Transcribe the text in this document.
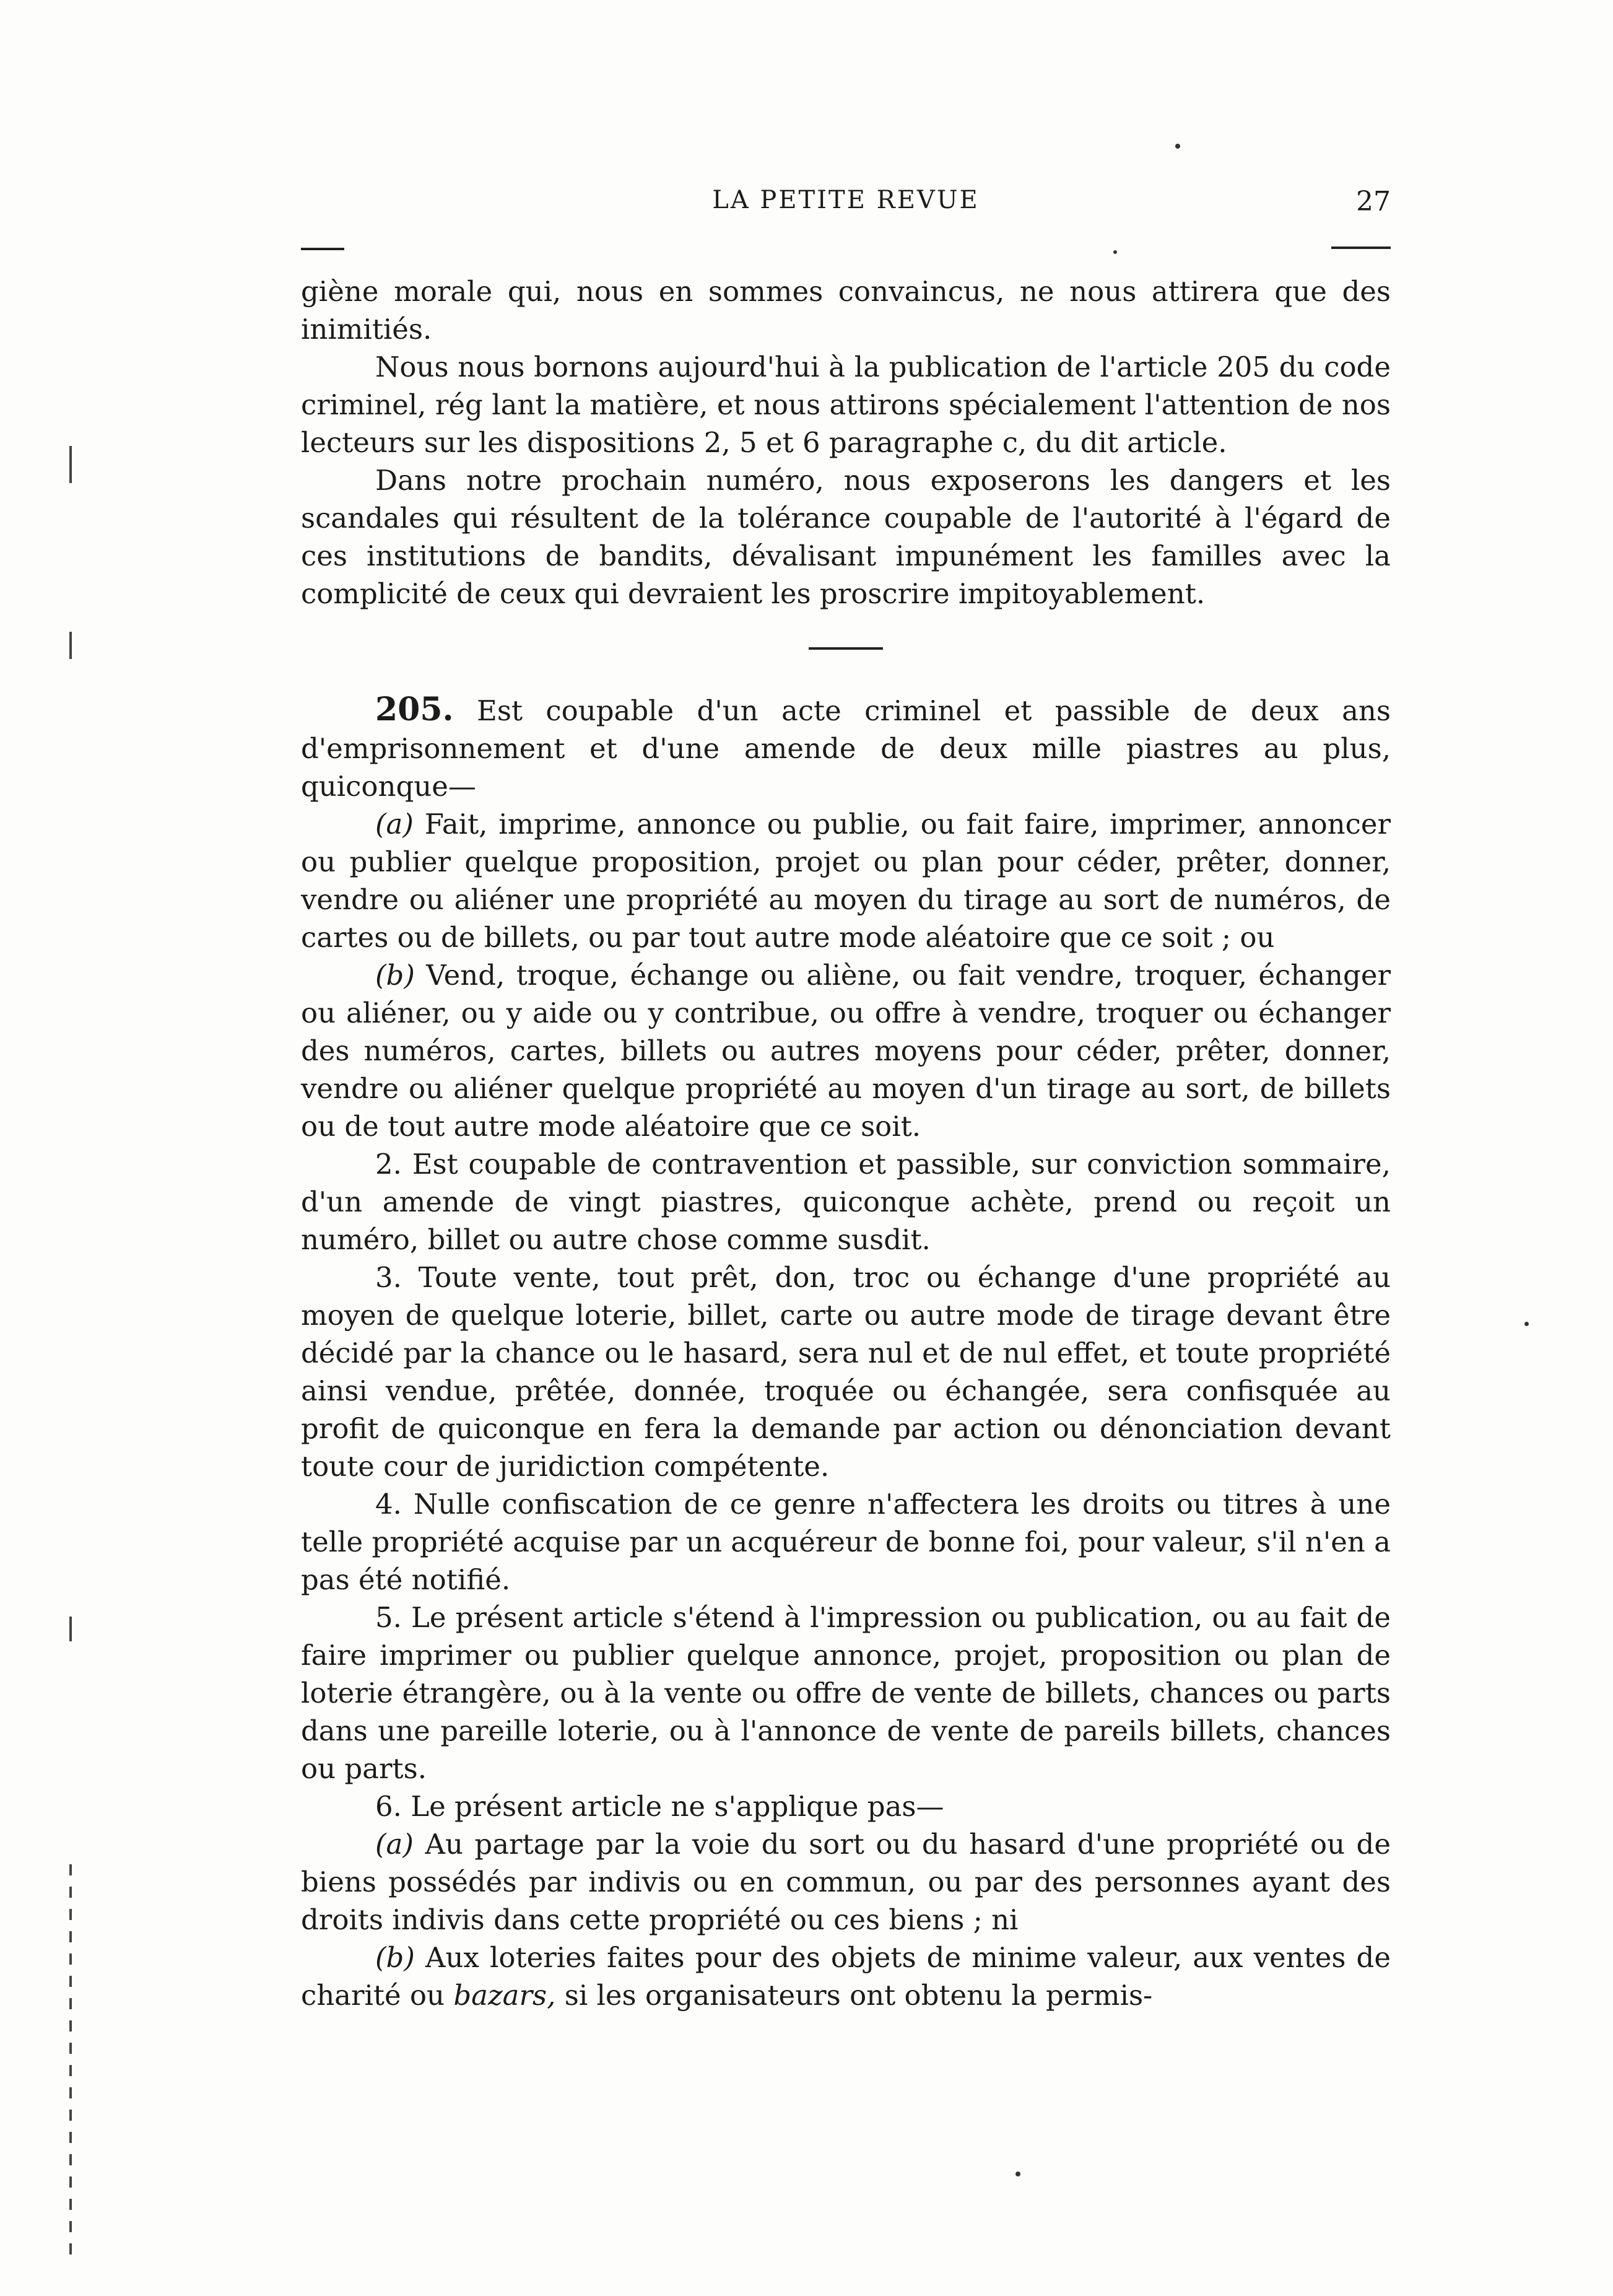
LA PETITE REVUE	27

giène morale qui, nous en sommes convaincus, ne nous attirera que des inimitiés.

Nous nous bornons aujourd'hui à la publication de l'article 205 du code criminel, rég lant la matière, et nous attirons spécialement l'attention de nos lecteurs sur les dispositions 2, 5 et 6 paragraphe c, du dit article.

Dans notre prochain numéro, nous exposerons les dangers et les scandales qui résultent de la tolérance coupable de l'autorité à l'égard de ces institutions de bandits, dévalisant impunément les familles avec la complicité de ceux qui devraient les proscrire impitoyablement.

205. Est coupable d'un acte criminel et passible de deux ans d'emprisonnement et d'une amende de deux mille piastres au plus, quiconque—

(a) Fait, imprime, annonce ou publie, ou fait faire, imprimer, annoncer ou publier quelque proposition, projet ou plan pour céder, prêter, donner, vendre ou aliéner une propriété au moyen du tirage au sort de numéros, de cartes ou de billets, ou par tout autre mode aléatoire que ce soit ; ou

(b) Vend, troque, échange ou aliène, ou fait vendre, troquer, échanger ou aliéner, ou y aide ou y contribue, ou offre à vendre, troquer ou échanger des numéros, cartes, billets ou autres moyens pour céder, prêter, donner, vendre ou aliéner quelque propriété au moyen d'un tirage au sort, de billets ou de tout autre mode aléatoire que ce soit.

2. Est coupable de contravention et passible, sur conviction sommaire, d'un amende de vingt piastres, quiconque achète, prend ou reçoit un numéro, billet ou autre chose comme susdit.

3. Toute vente, tout prêt, don, troc ou échange d'une propriété au moyen de quelque loterie, billet, carte ou autre mode de tirage devant être décidé par la chance ou le hasard, sera nul et de nul effet, et toute propriété ainsi vendue, prêtée, donnée, troquée ou échangée, sera confisquée au profit de quiconque en fera la demande par action ou dénonciation devant toute cour de juridiction compétente.

4. Nulle confiscation de ce genre n'affectera les droits ou titres à une telle propriété acquise par un acquéreur de bonne foi, pour valeur, s'il n'en a pas été notifié.

5. Le présent article s'étend à l'impression ou publication, ou au fait de faire imprimer ou publier quelque annonce, projet, proposition ou plan de loterie étrangère, ou à la vente ou offre de vente de billets, chances ou parts dans une pareille loterie, ou à l'annonce de vente de pareils billets, chances ou parts.

6. Le présent article ne s'applique pas—

(a) Au partage par la voie du sort ou du hasard d'une propriété ou de biens possédés par indivis ou en commun, ou par des personnes ayant des droits indivis dans cette propriété ou ces biens ; ni

(b) Aux loteries faites pour des objets de minime valeur, aux ventes de charité ou bazars, si les organisateurs ont obtenu la permis-
